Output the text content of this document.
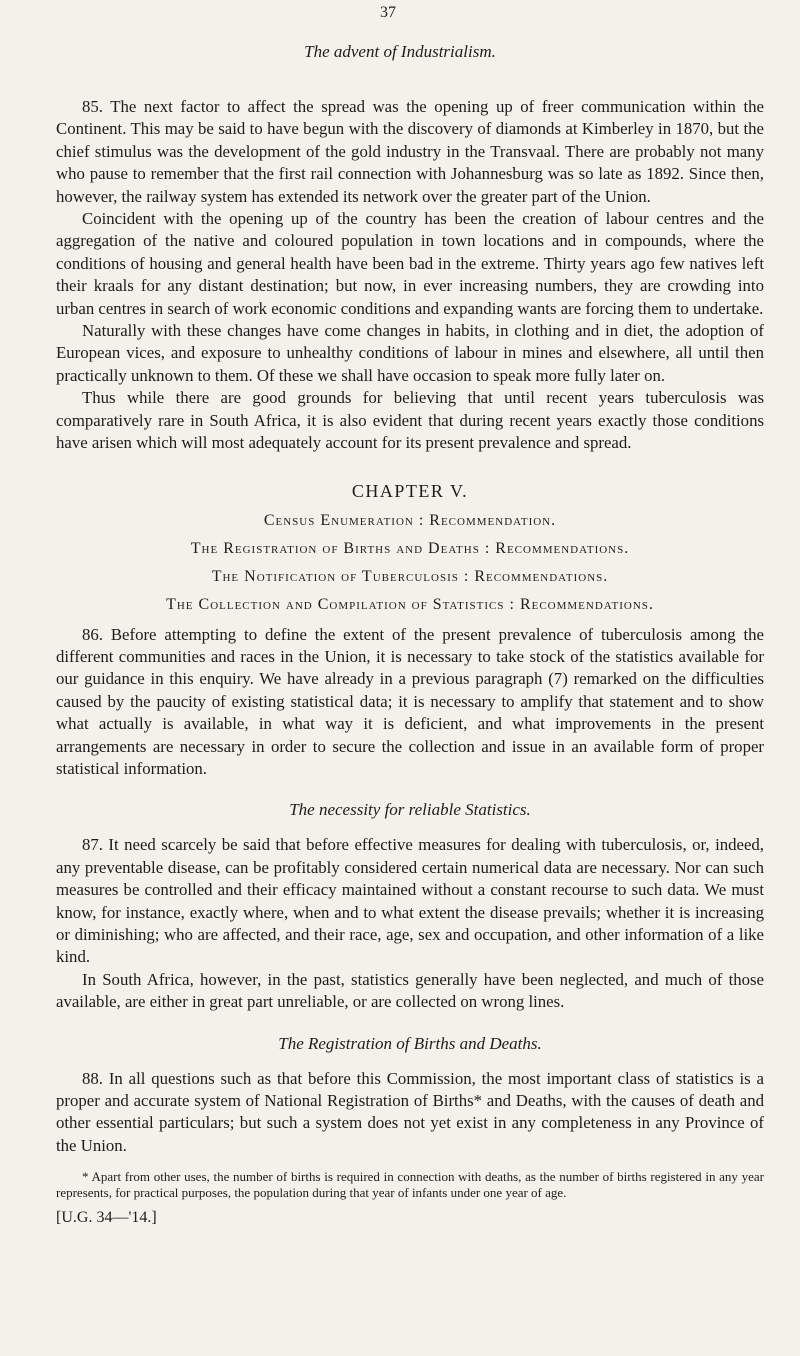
37
The advent of Industrialism.

85. The next factor to affect the spread was the opening up of freer communication within the Continent. This may be said to have begun with the discovery of diamonds at Kimberley in 1870, but the chief stimulus was the development of the gold industry in the Transvaal. There are probably not many who pause to remember that the first rail connection with Johannesburg was so late as 1892. Since then, however, the railway system has extended its network over the greater part of the Union.

Coincident with the opening up of the country has been the creation of labour centres and the aggregation of the native and coloured population in town locations and in compounds, where the conditions of housing and general health have been bad in the extreme. Thirty years ago few natives left their kraals for any distant destination; but now, in ever increasing numbers, they are crowding into urban centres in search of work economic conditions and expanding wants are forcing them to undertake.

Naturally with these changes have come changes in habits, in clothing and in diet, the adoption of European vices, and exposure to unhealthy conditions of labour in mines and elsewhere, all until then practically unknown to them. Of these we shall have occasion to speak more fully later on.

Thus while there are good grounds for believing that until recent years tuberculosis was comparatively rare in South Africa, it is also evident that during recent years exactly those conditions have arisen which will most adequately account for its present prevalence and spread.

CHAPTER V.
Census Enumeration : Recommendation.
The Registration of Births and Deaths : Recommendations.
The Notification of Tuberculosis : Recommendations.
The Collection and Compilation of Statistics : Recommendations.

86. Before attempting to define the extent of the present prevalence of tuberculosis among the different communities and races in the Union, it is necessary to take stock of the statistics available for our guidance in this enquiry. We have already in a previous paragraph (7) remarked on the difficulties caused by the paucity of existing statistical data; it is necessary to amplify that statement and to show what actually is available, in what way it is deficient, and what improvements in the present arrangements are necessary in order to secure the collection and issue in an available form of proper statistical information.

The necessity for reliable Statistics.

87. It need scarcely be said that before effective measures for dealing with tuberculosis, or, indeed, any preventable disease, can be profitably considered certain numerical data are necessary. Nor can such measures be controlled and their efficacy maintained without a constant recourse to such data. We must know, for instance, exactly where, when and to what extent the disease prevails; whether it is increasing or diminishing; who are affected, and their race, age, sex and occupation, and other information of a like kind.

In South Africa, however, in the past, statistics generally have been neglected, and much of those available, are either in great part unreliable, or are collected on wrong lines.

The Registration of Births and Deaths.

88. In all questions such as that before this Commission, the most important class of statistics is a proper and accurate system of National Registration of Births* and Deaths, with the causes of death and other essential particulars; but such a system does not yet exist in any completeness in any Province of the Union.

* Apart from other uses, the number of births is required in connection with deaths, as the number of births registered in any year represents, for practical purposes, the population during that year of infants under one year of age.

[U.G. 34—'14.]
